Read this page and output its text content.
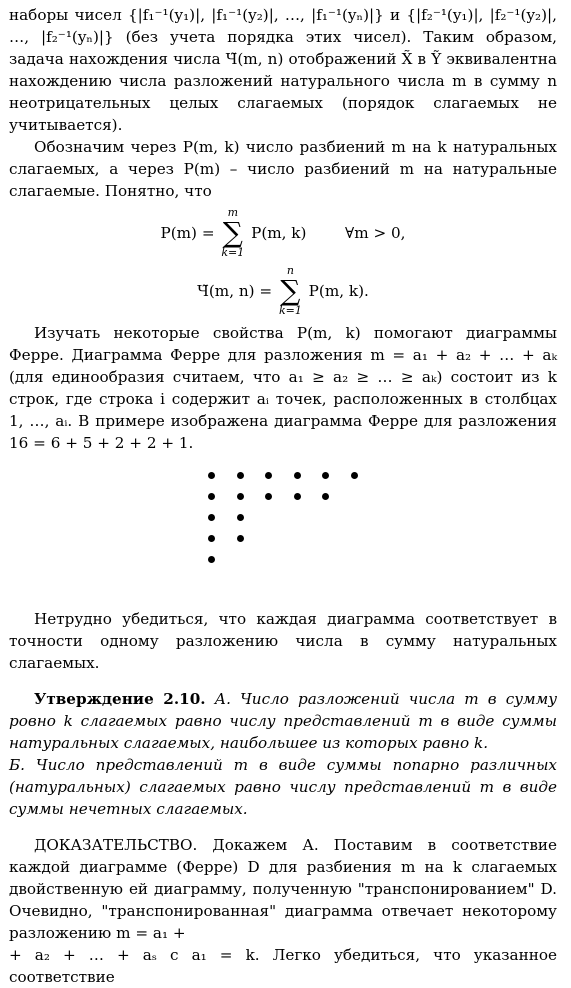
наборы чисел {|f₁⁻¹(y₁)|, |f₁⁻¹(y₂)|, …, |f₁⁻¹(yₙ)|} и {|f₂⁻¹(y₁)|, |f₂⁻¹(y₂)|, …, |f₂⁻¹(yₙ)|} (без учета порядка этих чисел). Таким образом, задача нахождения числа Ч̃(m, n) отображений X̃ в Ỹ эквивалентна нахождению числа разложений натурального числа m в сумму n неотрицательных целых слагаемых (порядок слагаемых не учитывается).

Обозначим через P(m, k) число разбиений m на k натуральных слагаемых, а через P(m) – число разбиений m на натуральные слагаемые. Понятно, что

P(m) =
m
∑
k=1
P(m, k)        ∀m > 0,
Ч̃(m, n) =
n
∑
k=1
P(m, k).

Изучать некоторые свойства P(m, k) помогают диаграммы Ферре. Диаграмма Ферре для разложения m = a₁ + a₂ + … + aₖ (для единообразия считаем, что a₁ ≥ a₂ ≥ … ≥ aₖ) состоит из k строк, где строка i содержит aᵢ точек, расположенных в столбцах 1, …, aᵢ. В примере изображена диаграмма Ферре для разложения 16 = 6 + 5 + 2 + 2 + 1.

Нетрудно убедиться, что каждая диаграмма соответствует в точности одному разложению числа в сумму натуральных слагаемых.

Утверждение 2.10. А. Число разложений числа m в сумму ровно k слагаемых равно числу представлений m в виде суммы натуральных слагаемых, наибольшее из которых равно k.

Б. Число представлений m в виде суммы попарно различных (натуральных) слагаемых равно числу представлений m в виде суммы нечетных слагаемых.

ДОКАЗАТЕЛЬСТВО. Докажем А. Поставим в соответствие каждой диаграмме (Ферре) D для разбиения m на k слагаемых двойственную ей диаграмму, полученную "транспонированием" D. Очевидно, "транспонированная" диаграмма отвечает некоторому разложению m = a₁ +

+ a₂ + … + aₛ с a₁ = k. Легко убедиться, что указанное соответствие
